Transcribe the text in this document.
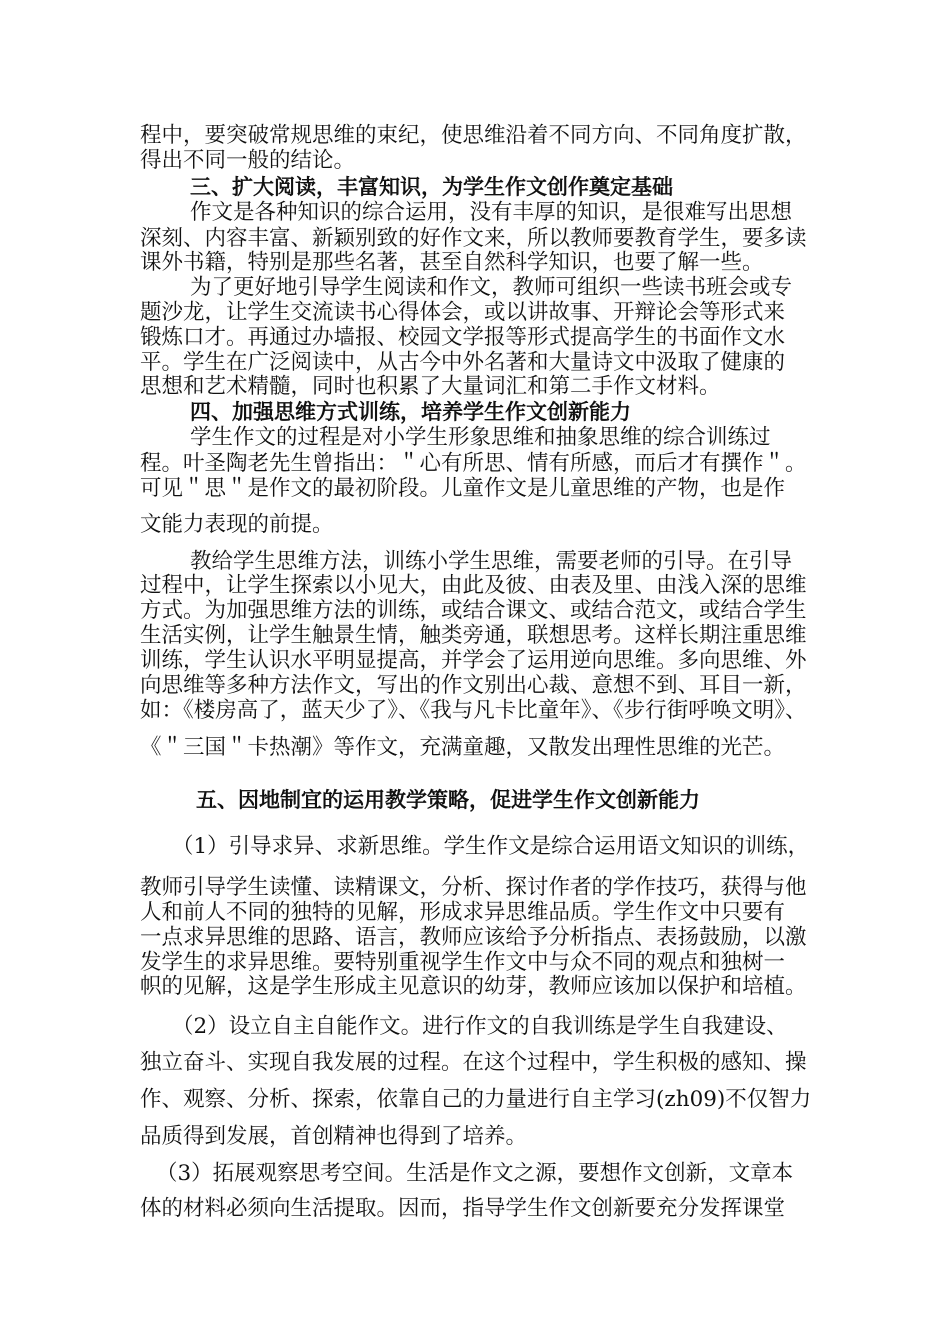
程中，要突破常规思维的束纪，使思维沿着不同方向、不同角度扩散，
得出不同一般的结论。
三、扩大阅读，丰富知识，为学生作文创作奠定基础
作文是各种知识的综合运用，没有丰厚的知识，是很难写出思想
深刻、内容丰富、新颖别致的好作文来，所以教师要教育学生，要多读
课外书籍，特别是那些名著，甚至自然科学知识，也要了解一些。
为了更好地引导学生阅读和作文，教师可组织一些读书班会或专
题沙龙，让学生交流读书心得体会，或以讲故事、开辩论会等形式来
锻炼口才。再通过办墙报、校园文学报等形式提高学生的书面作文水
平。学生在广泛阅读中，从古今中外名著和大量诗文中汲取了健康的
思想和艺术精髓，同时也积累了大量词汇和第二手作文材料。
四、加强思维方式训练，培养学生作文创新能力
学生作文的过程是对小学生形象思维和抽象思维的综合训练过
程。叶圣陶老先生曾指出：＂心有所思、情有所感，而后才有撰作＂。
可见＂思＂是作文的最初阶段。儿童作文是儿童思维的产物，也是作
文能力表现的前提。
教给学生思维方法，训练小学生思维，需要老师的引导。在引导
过程中，让学生探索以小见大，由此及彼、由表及里、由浅入深的思维
方式。为加强思维方法的训练，或结合课文、或结合范文，或结合学生
生活实例，让学生触景生情，触类旁通，联想思考。这样长期注重思维
训练，学生认识水平明显提高，并学会了运用逆向思维。多向思维、外
向思维等多种方法作文，写出的作文别出心裁、意想不到、耳目一新，
如：《楼房高了，蓝天少了》、《我与凡卡比童年》、《步行街呼唤文明》、
《＂三国＂卡热潮》等作文，充满童趣，又散发出理性思维的光芒。
五、因地制宜的运用教学策略，促进学生作文创新能力
（1）引导求异、求新思维。学生作文是综合运用语文知识的训练，
教师引导学生读懂、读精课文，分析、探讨作者的学作技巧，获得与他
人和前人不同的独特的见解，形成求异思维品质。学生作文中只要有
一点求异思维的思路、语言，教师应该给予分析指点、表扬鼓励，以激
发学生的求异思维。要特别重视学生作文中与众不同的观点和独树一
帜的见解，这是学生形成主见意识的幼芽，教师应该加以保护和培植。
（2）设立自主自能作文。进行作文的自我训练是学生自我建设、
独立奋斗、实现自我发展的过程。在这个过程中，学生积极的感知、操
作、观察、分析、探索，依靠自己的力量进行自主学习(zh09)不仅智力
品质得到发展，首创精神也得到了培养。
（3）拓展观察思考空间。生活是作文之源，要想作文创新，文章本
体的材料必须向生活提取。因而，指导学生作文创新要充分发挥课堂
